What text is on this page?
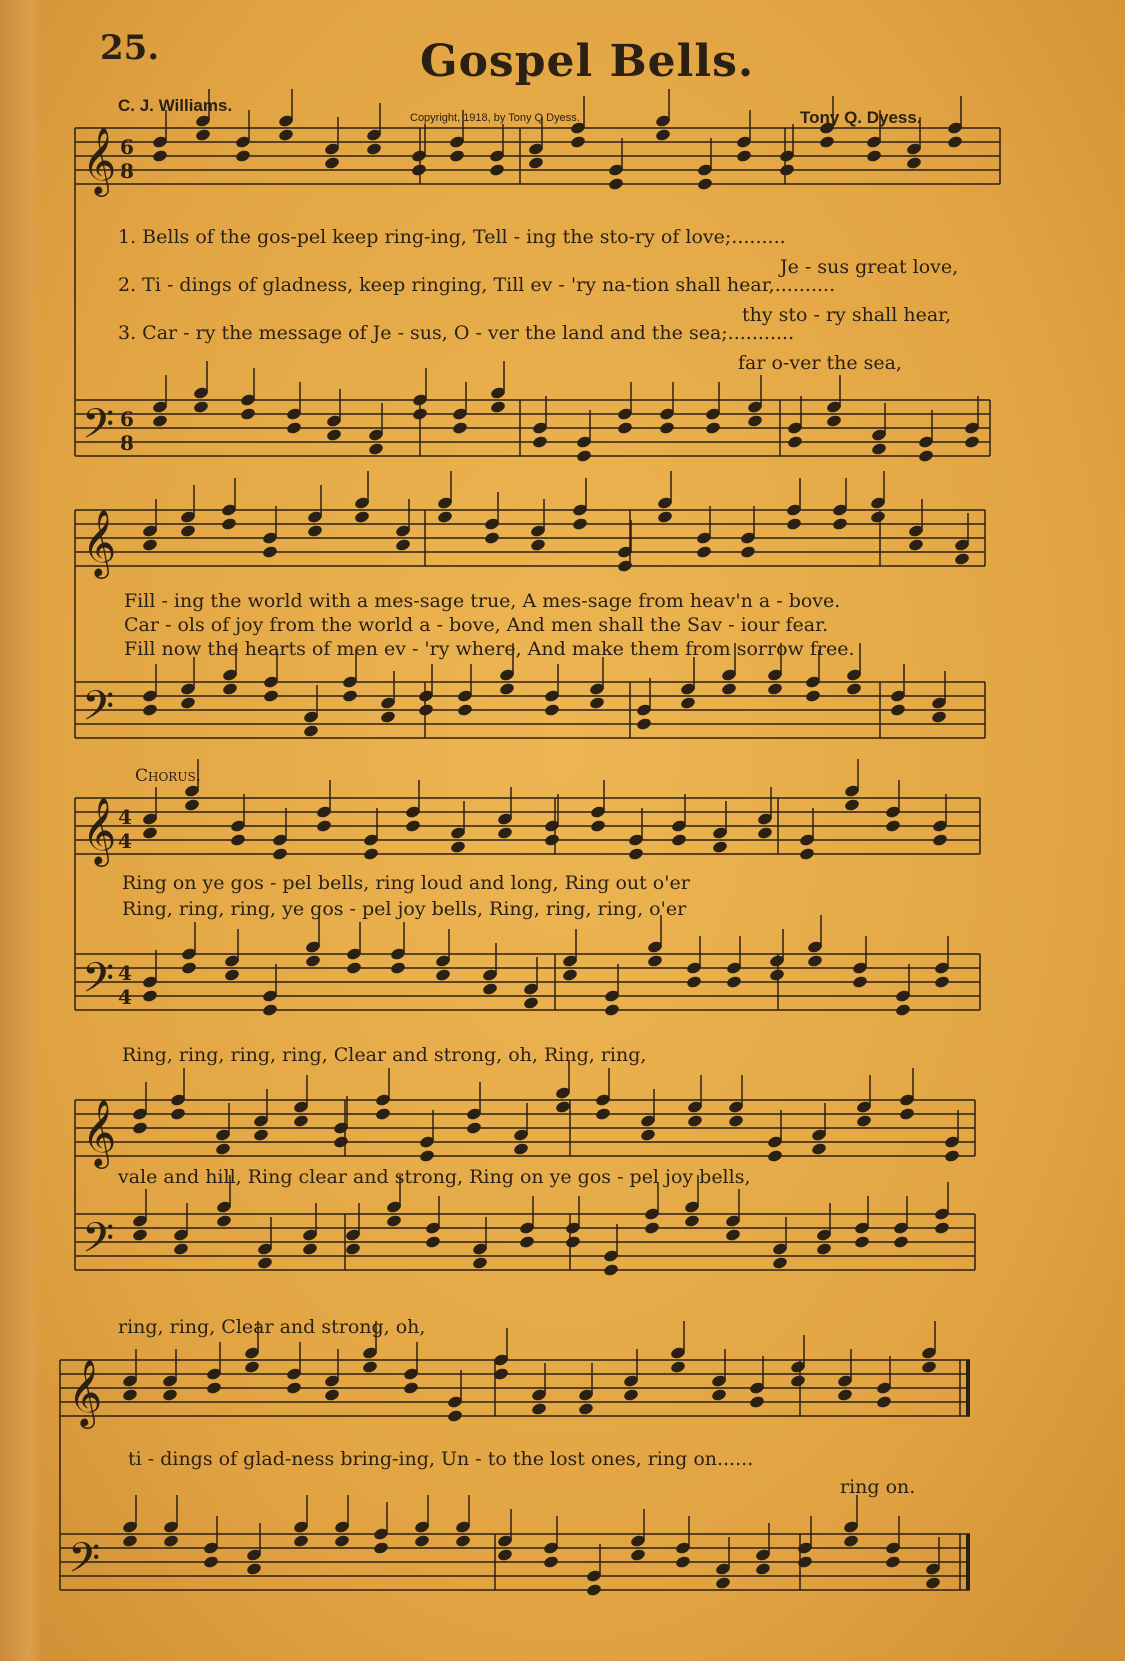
𝄞 6
8
𝄢 6
8
𝄞
𝄢
𝄞 4
4
𝄢 4
4
𝄞
𝄢
𝄞
𝄢
25.	Gospel Bells.
C. J. Williams.
Copyright, 1918, by Tony Q Dyess.	Tony Q. Dyess.
1. Bells of the gos-pel keep ring-ing, Tell - ing the sto-ry of love;.........
Je - sus great love,
2. Ti - dings of gladness, keep ringing, Till ev - 'ry na-tion shall hear,..........
thy sto - ry shall hear,
3. Car - ry the message of Je - sus, O - ver the land and the sea;...........
far o-ver the sea,
Fill - ing the world with a mes-sage true, A mes-sage from heav'n a - bove.
Car - ols of joy from the world a - bove, And men shall the Sav - iour fear.
Fill now the hearts of men ev - 'ry where, And make them from sorrow free.
Chorus.
Ring on ye gos - pel bells, ring loud and long, Ring out o'er
Ring, ring, ring, ye gos - pel joy bells, Ring, ring, ring, o'er
Ring, ring, ring, ring, Clear and strong, oh, Ring, ring,
vale and hill, Ring clear and strong, Ring on ye gos - pel joy bells,
ring, ring, Clear and strong, oh,
ti - dings of glad-ness bring-ing, Un - to the lost ones, ring on......
ring on.
